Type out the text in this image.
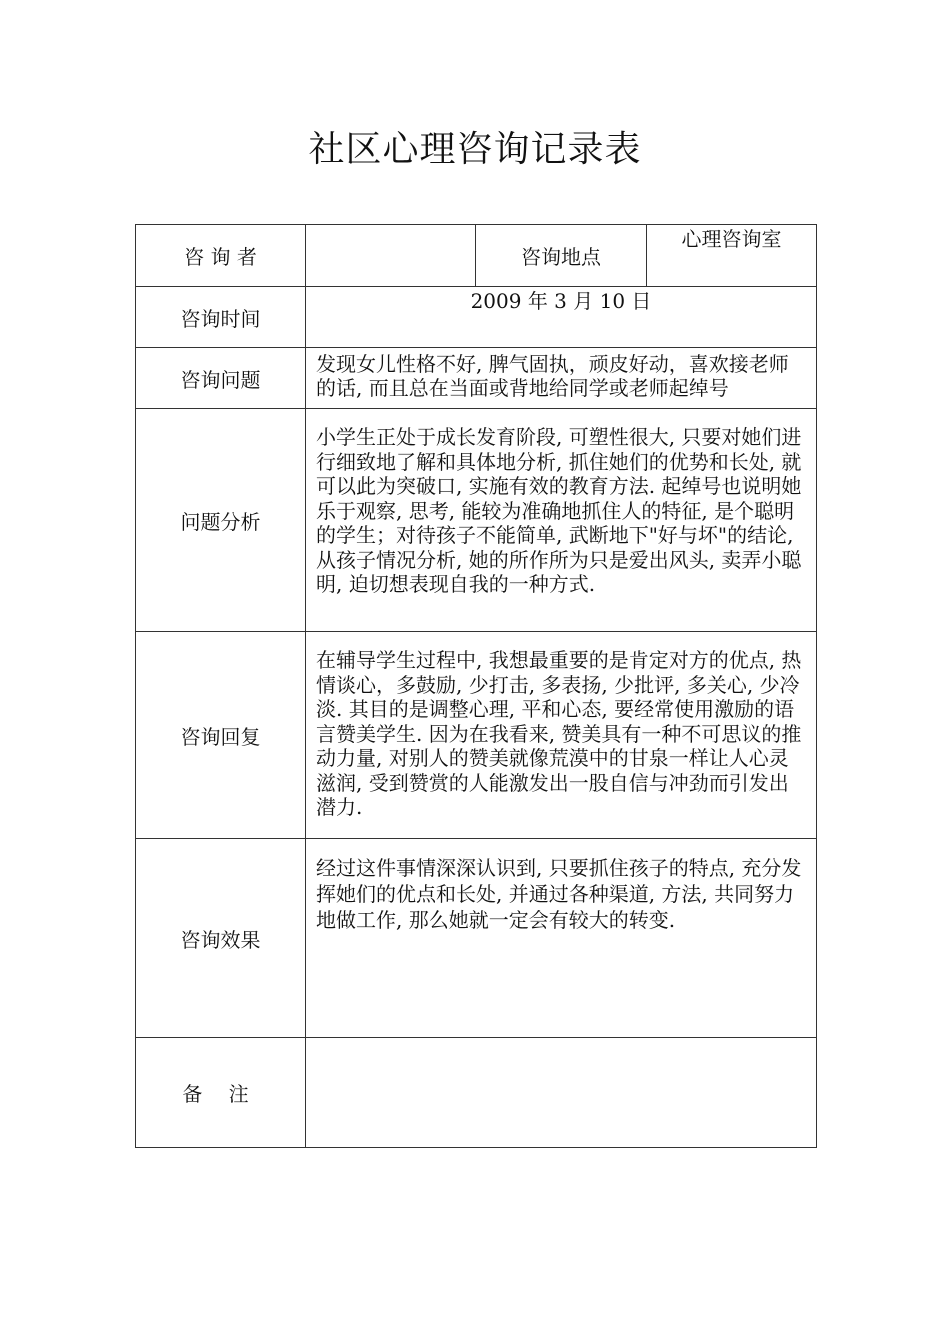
社区心理咨询记录表
咨 询 者		咨询地点	心理咨询室
咨询时间	2009 年 3 月 10 日		
咨询问题	发现女儿性格不好, 脾气固执，顽皮好动，喜欢接老师的话, 而且总在当面或背地给同学或老师起绰号		
问题分析	小学生正处于成长发育阶段, 可塑性很大, 只要对她们进行细致地了解和具体地分析, 抓住她们的优势和长处, 就可以此为突破口, 实施有效的教育方法. 起绰号也说明她乐于观察, 思考, 能较为准确地抓住人的特征, 是个聪明的学生；对待孩子不能简单, 武断地下"好与坏"的结论, 从孩子情况分析, 她的所作所为只是爱出风头, 卖弄小聪明, 迫切想表现自我的一种方式.		
咨询回复	在辅导学生过程中, 我想最重要的是肯定对方的优点, 热情谈心，多鼓励, 少打击, 多表扬, 少批评, 多关心, 少冷淡. 其目的是调整心理, 平和心态, 要经常使用激励的语言赞美学生. 因为在我看来, 赞美具有一种不可思议的推动力量, 对别人的赞美就像荒漠中的甘泉一样让人心灵滋润, 受到赞赏的人能激发出一股自信与冲劲而引发出潜力.		
咨询效果	经过这件事情深深认识到, 只要抓住孩子的特点, 充分发挥她们的优点和长处, 并通过各种渠道, 方法, 共同努力地做工作, 那么她就一定会有较大的转变.		
备 注			
